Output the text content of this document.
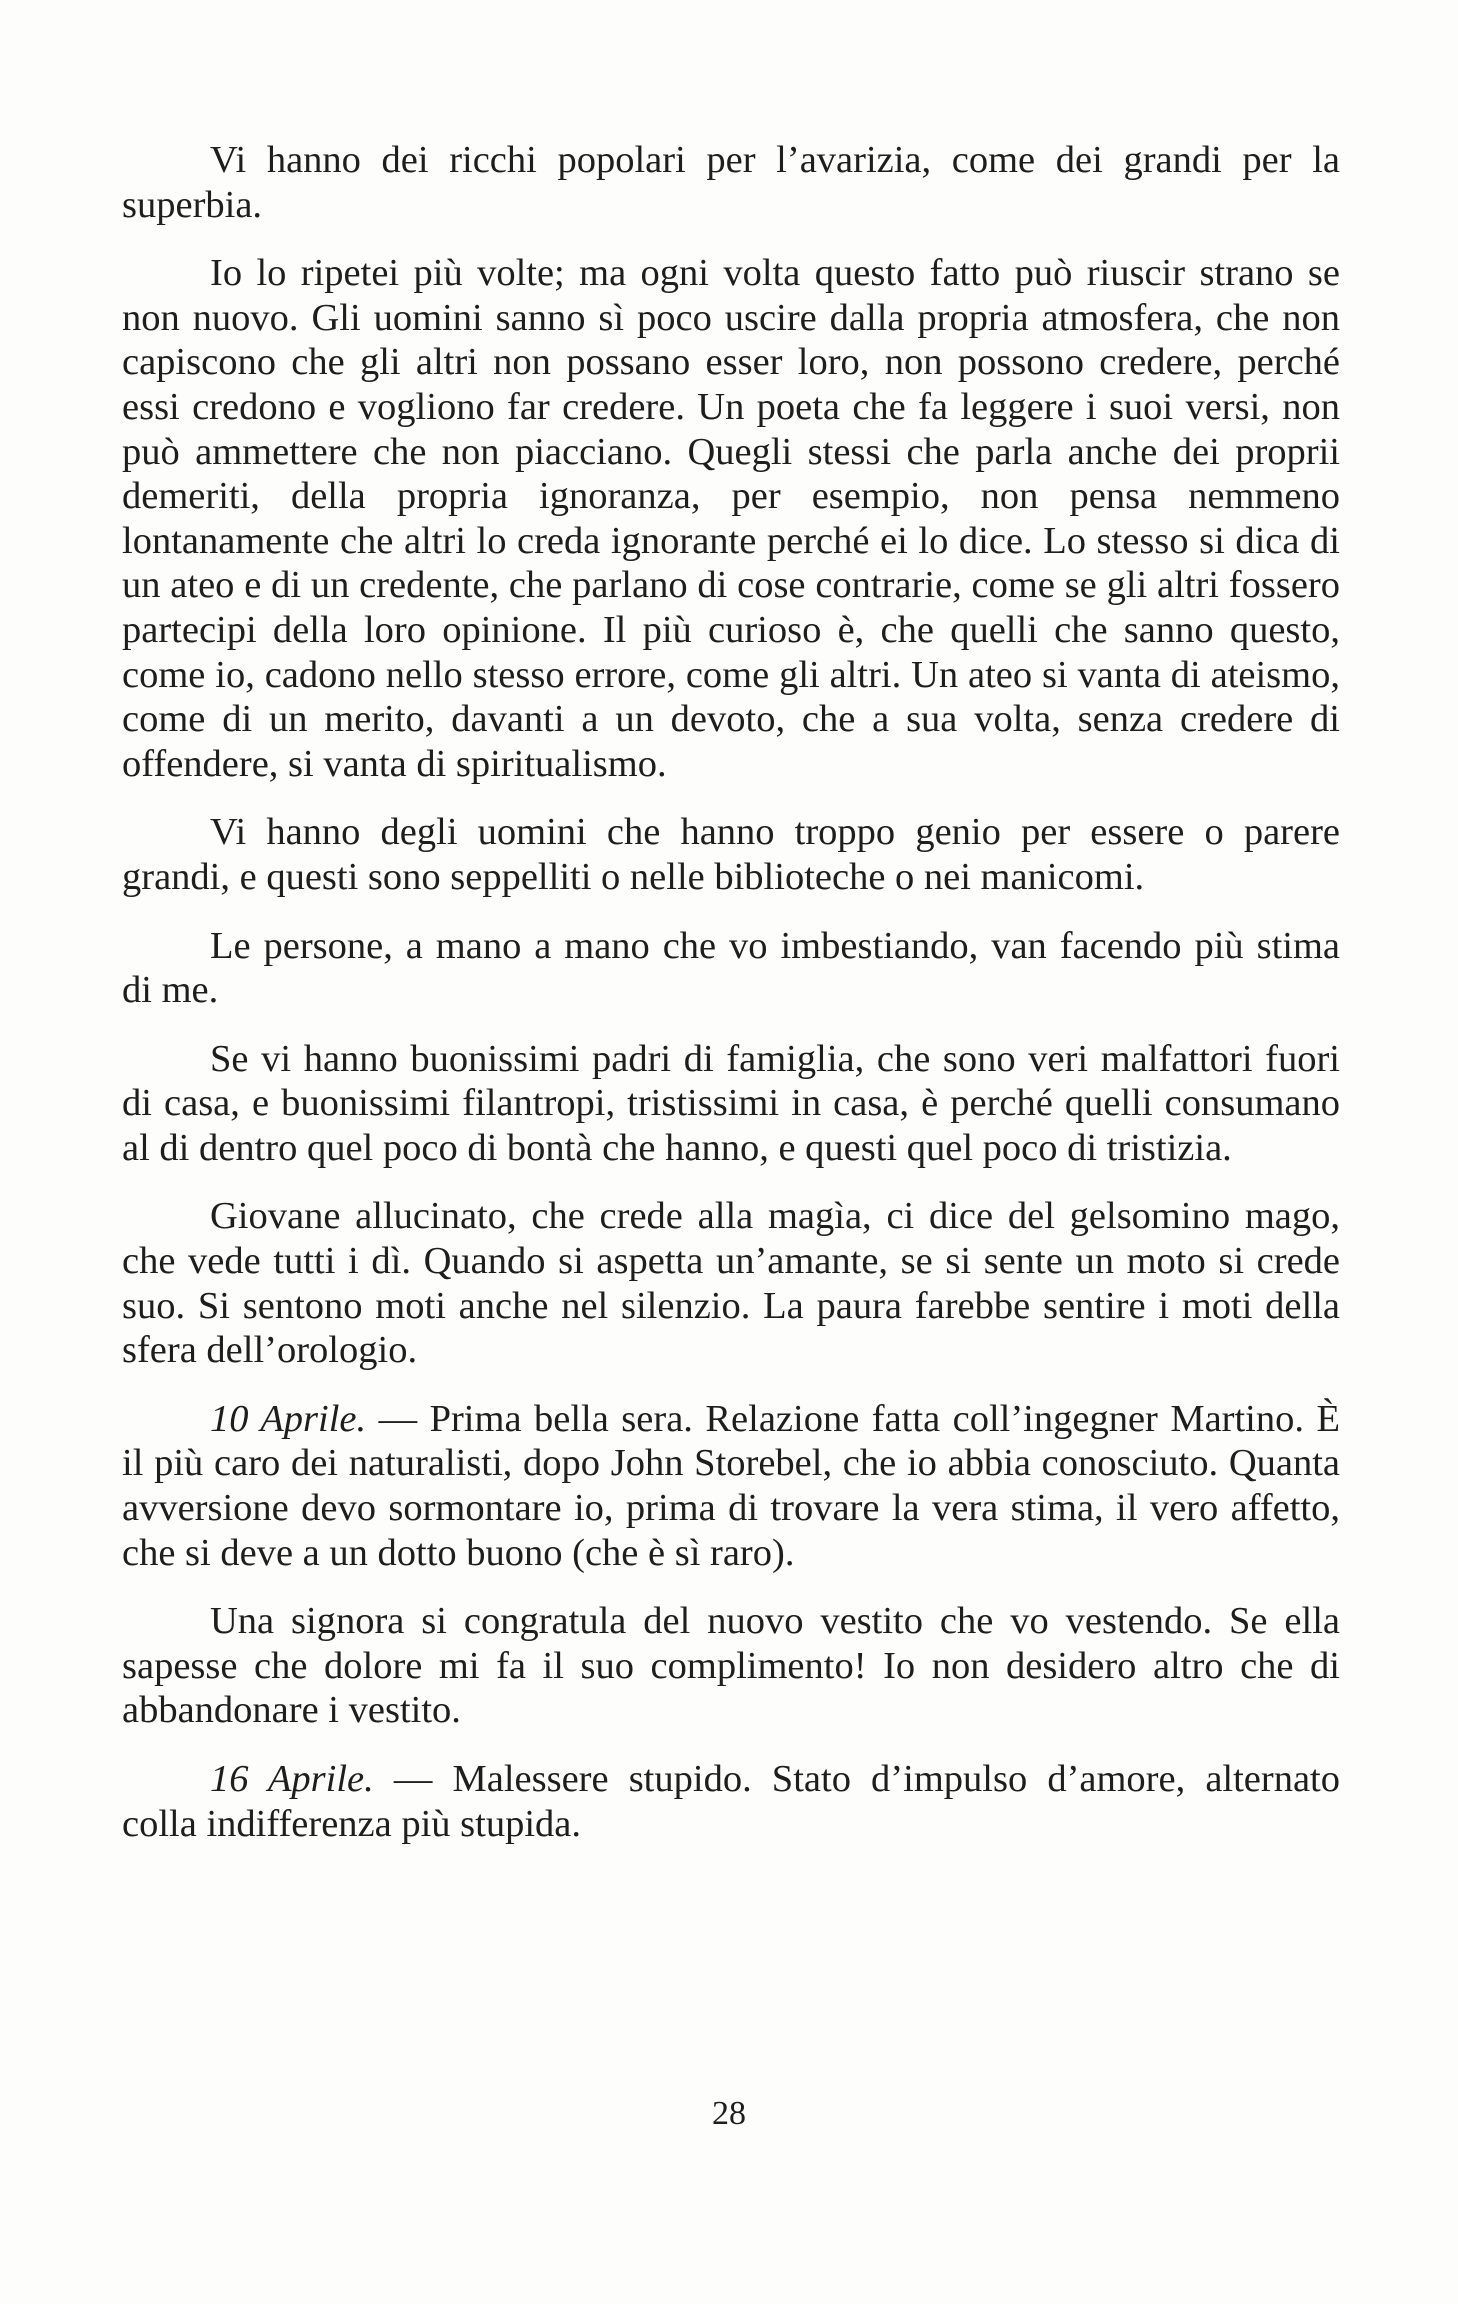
Vi hanno dei ricchi popolari per l’avarizia, come dei grandi per la superbia.

Io lo ripetei più volte; ma ogni volta questo fatto può riuscir strano se non nuovo. Gli uomini sanno sì poco uscire dalla propria atmosfera, che non capiscono che gli altri non possano esser loro, non possono credere, perché essi credono e vogliono far credere. Un poeta che fa leggere i suoi versi, non può ammettere che non piacciano. Quegli stessi che parla anche dei proprii demeriti, della propria ignoranza, per esempio, non pensa nemmeno lontanamente che altri lo creda ignorante perché ei lo dice. Lo stesso si dica di un ateo e di un credente, che parlano di cose contrarie, come se gli altri fossero partecipi della loro opinione. Il più curioso è, che quelli che sanno questo, come io, cadono nello stesso errore, come gli altri. Un ateo si vanta di ateismo, come di un merito, davanti a un devoto, che a sua volta, senza credere di offendere, si vanta di spiritualismo.

Vi hanno degli uomini che hanno troppo genio per essere o parere grandi, e questi sono seppelliti o nelle biblioteche o nei manicomi.

Le persone, a mano a mano che vo imbestiando, van facendo più stima di me.

Se vi hanno buonissimi padri di famiglia, che sono veri malfattori fuori di casa, e buonissimi filantropi, tristissimi in casa, è perché quelli consumano al di dentro quel poco di bontà che hanno, e questi quel poco di tristizia.

Giovane allucinato, che crede alla magìa, ci dice del gelsomino mago, che vede tutti i dì. Quando si aspetta un’amante, se si sente un moto si crede suo. Si sentono moti anche nel silenzio. La paura farebbe sentire i moti della sfera dell’orologio.

10 Aprile. — Prima bella sera. Relazione fatta coll’ingegner Martino. È il più caro dei naturalisti, dopo John Storebel, che io abbia conosciuto. Quanta avversione devo sormontare io, prima di trovare la vera stima, il vero affetto, che si deve a un dotto buono (che è sì raro).

Una signora si congratula del nuovo vestito che vo vestendo. Se ella sapesse che dolore mi fa il suo complimento! Io non desidero altro che di abbandonare i vestito.

16 Aprile. — Malessere stupido. Stato d’impulso d’amore, alternato colla indifferenza più stupida.

28
